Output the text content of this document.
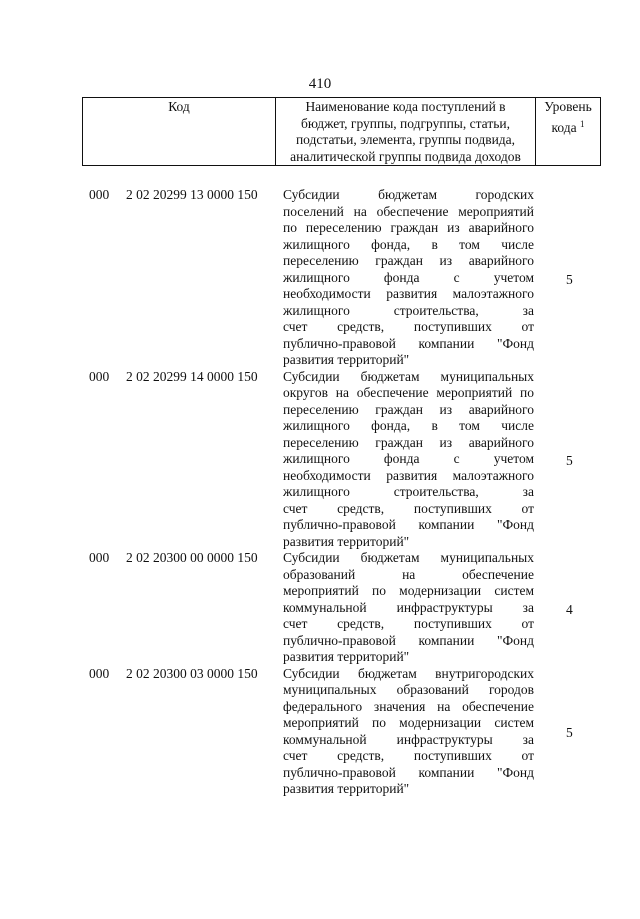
410
Код	Наименование кода поступлений в
бюджет, группы, подгруппы, статьи,
подстатьи, элемента, группы подвида,
аналитической группы подвида доходов
Уровень
кода $^1$
000 2 02 20299 13 0000 150 Субсидии бюджетам городских
поселений на обеспечение мероприятий
по переселению граждан из аварийного
жилищного фонда, в том числе
переселению граждан из аварийного
жилищного фонда с учетом
необходимости развития малоэтажного
жилищного строительства, за
счет средств, поступивших от
публично-правовой компании "Фонд
развития территорий"
5
000 2 02 20299 14 0000 150 Субсидии бюджетам муниципальных
округов на обеспечение мероприятий по
переселению граждан из аварийного
жилищного фонда, в том числе
переселению граждан из аварийного
жилищного фонда с учетом
необходимости развития малоэтажного
жилищного строительства, за
счет средств, поступивших от
публично-правовой компании "Фонд
развития территорий"
5
000 2 02 20300 00 0000 150 Субсидии бюджетам муниципальных
образований на обеспечение
мероприятий по модернизации систем
коммунальной инфраструктуры за
счет средств, поступивших от
публично-правовой компании "Фонд
развития территорий"
4
000 2 02 20300 03 0000 150 Субсидии бюджетам внутригородских
муниципальных образований городов
федерального значения на обеспечение
мероприятий по модернизации систем
коммунальной инфраструктуры за
счет средств, поступивших от
публично-правовой компании "Фонд
развития территорий"
5
